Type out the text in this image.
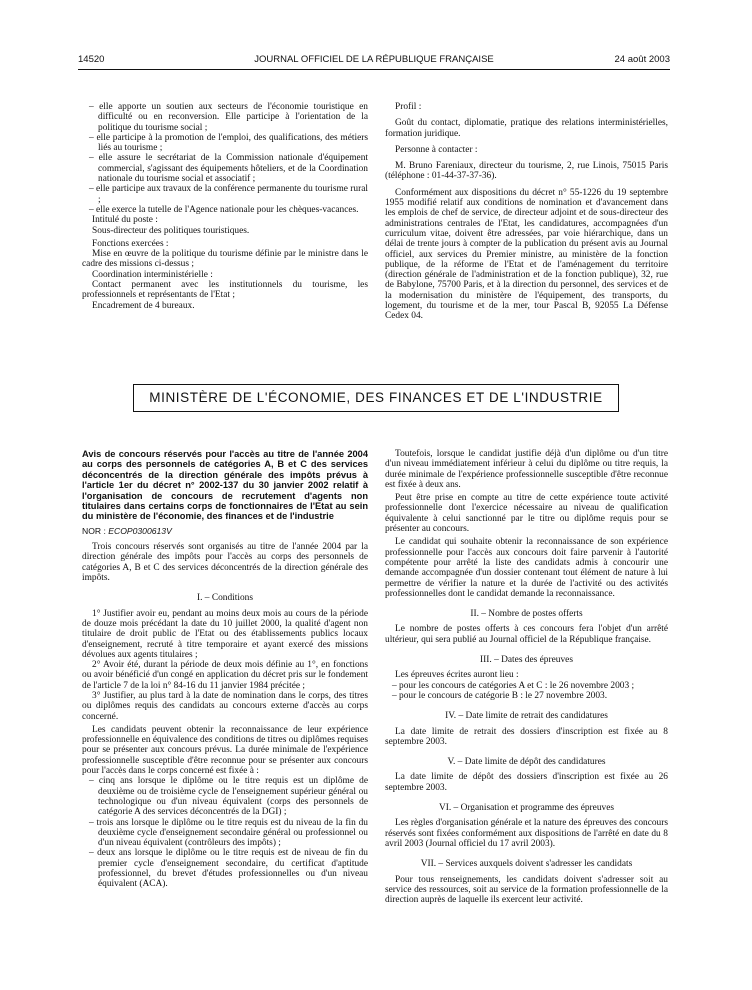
14520	JOURNAL OFFICIEL DE LA RÉPUBLIQUE FRANÇAISE	24 août 2003

– elle apporte un soutien aux secteurs de l'économie touristique en difficulté ou en reconversion. Elle participe à l'orientation de la politique du tourisme social ;

– elle participe à la promotion de l'emploi, des qualifications, des métiers liés au tourisme ;

– elle assure le secrétariat de la Commission nationale d'équipement commercial, s'agissant des équipements hôteliers, et de la Coordination nationale du tourisme social et associatif ;

– elle participe aux travaux de la conférence permanente du tourisme rural ;

– elle exerce la tutelle de l'Agence nationale pour les chèques-vacances.

Intitulé du poste :

Sous-directeur des politiques touristiques.

Fonctions exercées :

Mise en œuvre de la politique du tourisme définie par le ministre dans le cadre des missions ci-dessus ;

Coordination interministérielle :

Contact permanent avec les institutionnels du tourisme, les professionnels et représentants de l'Etat ;

Encadrement de 4 bureaux.

Profil :

Goût du contact, diplomatie, pratique des relations interministérielles, formation juridique.

Personne à contacter :

M. Bruno Fareniaux, directeur du tourisme, 2, rue Linois, 75015 Paris (téléphone : 01-44-37-37-36).

Conformément aux dispositions du décret n° 55-1226 du 19 septembre 1955 modifié relatif aux conditions de nomination et d'avancement dans les emplois de chef de service, de directeur adjoint et de sous-directeur des administrations centrales de l'Etat, les candidatures, accompagnées d'un curriculum vitae, doivent être adressées, par voie hiérarchique, dans un délai de trente jours à compter de la publication du présent avis au Journal officiel, aux services du Premier ministre, au ministère de la fonction publique, de la réforme de l'Etat et de l'aménagement du territoire (direction générale de l'administration et de la fonction publique), 32, rue de Babylone, 75700 Paris, et à la direction du personnel, des services et de la modernisation du ministère de l'équipement, des transports, du logement, du tourisme et de la mer, tour Pascal B, 92055 La Défense Cedex 04.

MINISTÈRE DE L'ÉCONOMIE, DES FINANCES ET DE L'INDUSTRIE

Avis de concours réservés pour l'accès au titre de l'année 2004 au corps des personnels de catégories A, B et C des services déconcentrés de la direction générale des impôts prévus à l'article 1er du décret n° 2002-137 du 30 janvier 2002 relatif à l'organisation de concours de recrutement d'agents non titulaires dans certains corps de fonctionnaires de l'Etat au sein du ministère de l'économie, des finances et de l'industrie

NOR : ECOP0300613V

Trois concours réservés sont organisés au titre de l'année 2004 par la direction générale des impôts pour l'accès au corps des personnels de catégories A, B et C des services déconcentrés de la direction générale des impôts.

I. – Conditions

1° Justifier avoir eu, pendant au moins deux mois au cours de la période de douze mois précédant la date du 10 juillet 2000, la qualité d'agent non titulaire de droit public de l'Etat ou des établissements publics locaux d'enseignement, recruté à titre temporaire et ayant exercé des missions dévolues aux agents titulaires ;

2° Avoir été, durant la période de deux mois définie au 1°, en fonctions ou avoir bénéficié d'un congé en application du décret pris sur le fondement de l'article 7 de la loi n° 84-16 du 11 janvier 1984 précitée ;

3° Justifier, au plus tard à la date de nomination dans le corps, des titres ou diplômes requis des candidats au concours externe d'accès au corps concerné.

Les candidats peuvent obtenir la reconnaissance de leur expérience professionnelle en équivalence des conditions de titres ou diplômes requises pour se présenter aux concours prévus. La durée minimale de l'expérience professionnelle susceptible d'être reconnue pour se présenter aux concours pour l'accès dans le corps concerné est fixée à :

– cinq ans lorsque le diplôme ou le titre requis est un diplôme de deuxième ou de troisième cycle de l'enseignement supérieur général ou technologique ou d'un niveau équivalent (corps des personnels de catégorie A des services déconcentrés de la DGI) ;

– trois ans lorsque le diplôme ou le titre requis est du niveau de la fin du deuxième cycle d'enseignement secondaire général ou professionnel ou d'un niveau équivalent (contrôleurs des impôts) ;

– deux ans lorsque le diplôme ou le titre requis est de niveau de fin du premier cycle d'enseignement secondaire, du certificat d'aptitude professionnel, du brevet d'études professionnelles ou d'un niveau équivalent (ACA).

Toutefois, lorsque le candidat justifie déjà d'un diplôme ou d'un titre d'un niveau immédiatement inférieur à celui du diplôme ou titre requis, la durée minimale de l'expérience professionnelle susceptible d'être reconnue est fixée à deux ans.

Peut être prise en compte au titre de cette expérience toute activité professionnelle dont l'exercice nécessaire au niveau de qualification équivalente à celui sanctionné par le titre ou diplôme requis pour se présenter au concours.

Le candidat qui souhaite obtenir la reconnaissance de son expérience professionnelle pour l'accès aux concours doit faire parvenir à l'autorité compétente pour arrêté la liste des candidats admis à concourir une demande accompagnée d'un dossier contenant tout élément de nature à lui permettre de vérifier la nature et la durée de l'activité ou des activités professionnelles dont le candidat demande la reconnaissance.

II. – Nombre de postes offerts

Le nombre de postes offerts à ces concours fera l'objet d'un arrêté ultérieur, qui sera publié au Journal officiel de la République française.

III. – Dates des épreuves

Les épreuves écrites auront lieu :

– pour les concours de catégories A et C : le 26 novembre 2003 ;

– pour le concours de catégorie B : le 27 novembre 2003.

IV. – Date limite de retrait des candidatures

La date limite de retrait des dossiers d'inscription est fixée au 8 septembre 2003.

V. – Date limite de dépôt des candidatures

La date limite de dépôt des dossiers d'inscription est fixée au 26 septembre 2003.

VI. – Organisation et programme des épreuves

Les règles d'organisation générale et la nature des épreuves des concours réservés sont fixées conformément aux dispositions de l'arrêté en date du 8 avril 2003 (Journal officiel du 17 avril 2003).

VII. – Services auxquels doivent s'adresser les candidats

Pour tous renseignements, les candidats doivent s'adresser soit au service des ressources, soit au service de la formation professionnelle de la direction auprès de laquelle ils exercent leur activité.
